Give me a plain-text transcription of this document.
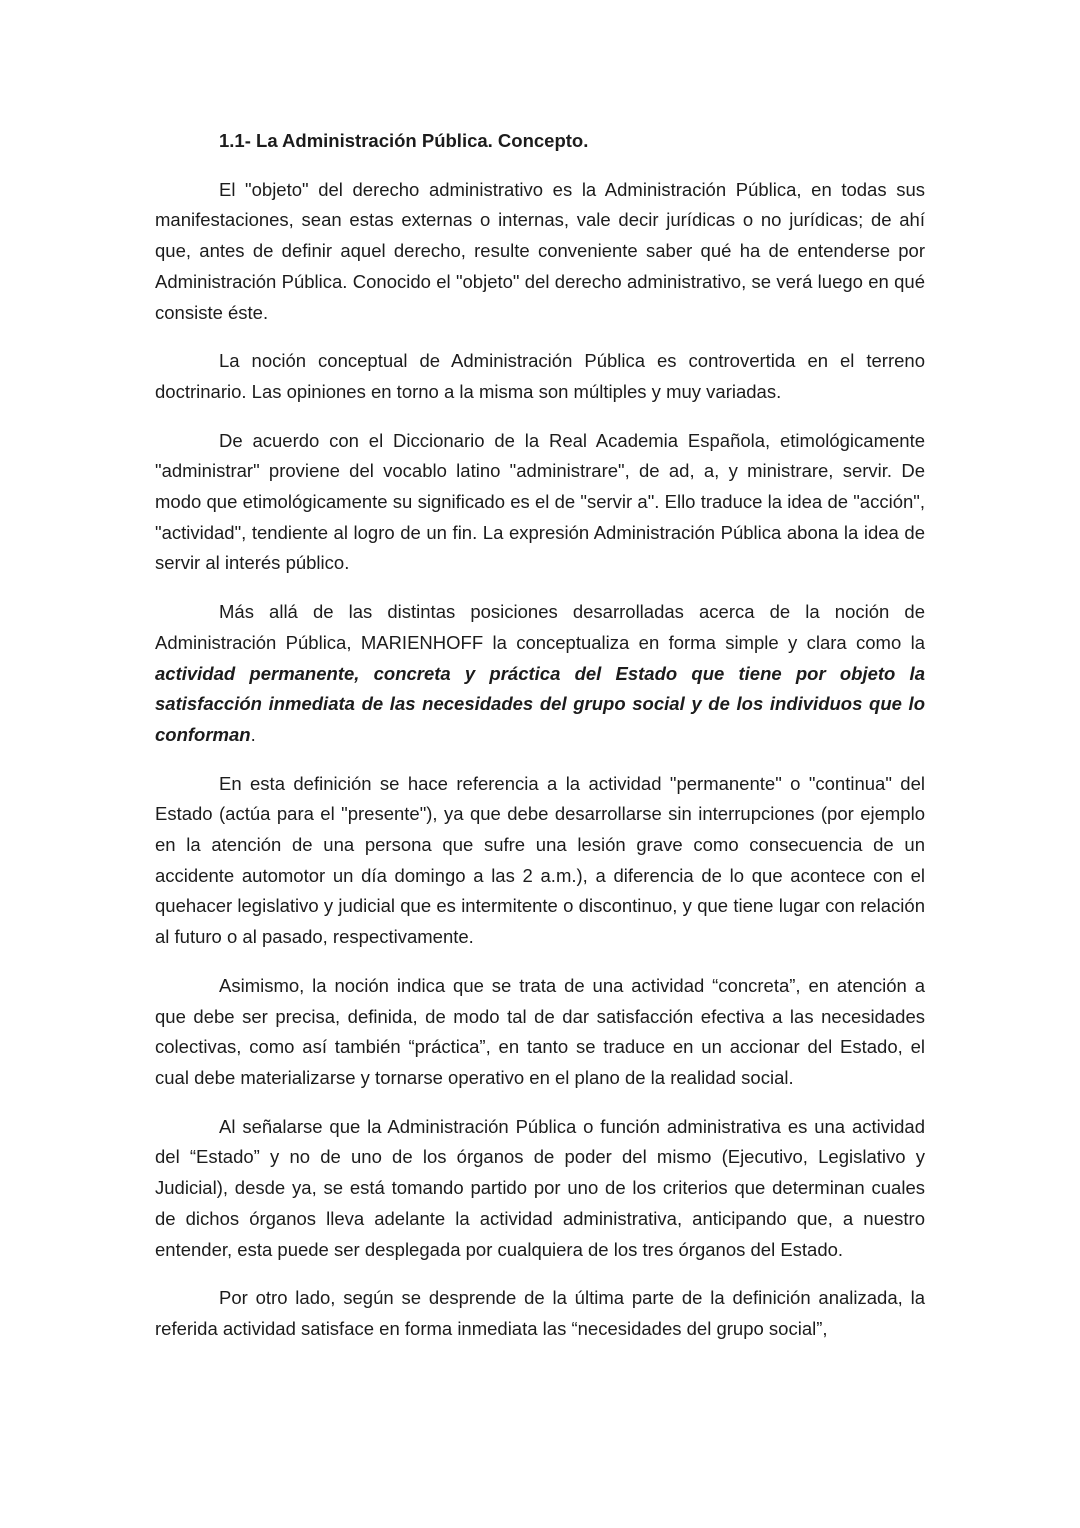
1.1- La Administración Pública. Concepto.

El "objeto" del derecho administrativo es la Administración Pública, en todas sus manifestaciones, sean estas externas o internas, vale decir jurídicas o no jurídicas; de ahí que, antes de definir aquel derecho, resulte conveniente saber qué ha de entenderse por Administración Pública. Conocido el "objeto" del derecho administrativo, se verá luego en qué consiste éste.

La noción conceptual de Administración Pública es controvertida en el terreno doctrinario. Las opiniones en torno a la misma son múltiples y muy variadas.

De acuerdo con el Diccionario de la Real Academia Española, etimológicamente "administrar" proviene del vocablo latino "administrare", de ad, a, y ministrare, servir. De modo que etimológicamente su significado es el de "servir a". Ello traduce la idea de "acción", "actividad", tendiente al logro de un fin. La expresión Administración Pública abona la idea de servir al interés público.

Más allá de las distintas posiciones desarrolladas acerca de la noción de Administración Pública, MARIENHOFF la conceptualiza en forma simple y clara como la actividad permanente, concreta y práctica del Estado que tiene por objeto la satisfacción inmediata de las necesidades del grupo social y de los individuos que lo conforman.

En esta definición se hace referencia a la actividad "permanente" o "continua" del Estado (actúa para el "presente"), ya que debe desarrollarse sin interrupciones (por ejemplo en la atención de una persona que sufre una lesión grave como consecuencia de un accidente automotor un día domingo a las 2 a.m.), a diferencia de lo que acontece con el quehacer legislativo y judicial que es intermitente o discontinuo, y que tiene lugar con relación al futuro o al pasado, respectivamente.

Asimismo, la noción indica que se trata de una actividad “concreta”, en atención a que debe ser precisa, definida, de modo tal de dar satisfacción efectiva a las necesidades colectivas, como así también “práctica”, en tanto se traduce en un accionar del Estado, el cual debe materializarse y tornarse operativo en el plano de la realidad social.

Al señalarse que la Administración Pública o función administrativa es una actividad del “Estado” y no de uno de los órganos de poder del mismo (Ejecutivo, Legislativo y Judicial), desde ya, se está tomando partido por uno de los criterios que determinan cuales de dichos órganos lleva adelante la actividad administrativa, anticipando que, a nuestro entender, esta puede ser desplegada por cualquiera de los tres órganos del Estado.

Por otro lado, según se desprende de la última parte de la definición analizada, la referida actividad satisface en forma inmediata las “necesidades del grupo social”,
